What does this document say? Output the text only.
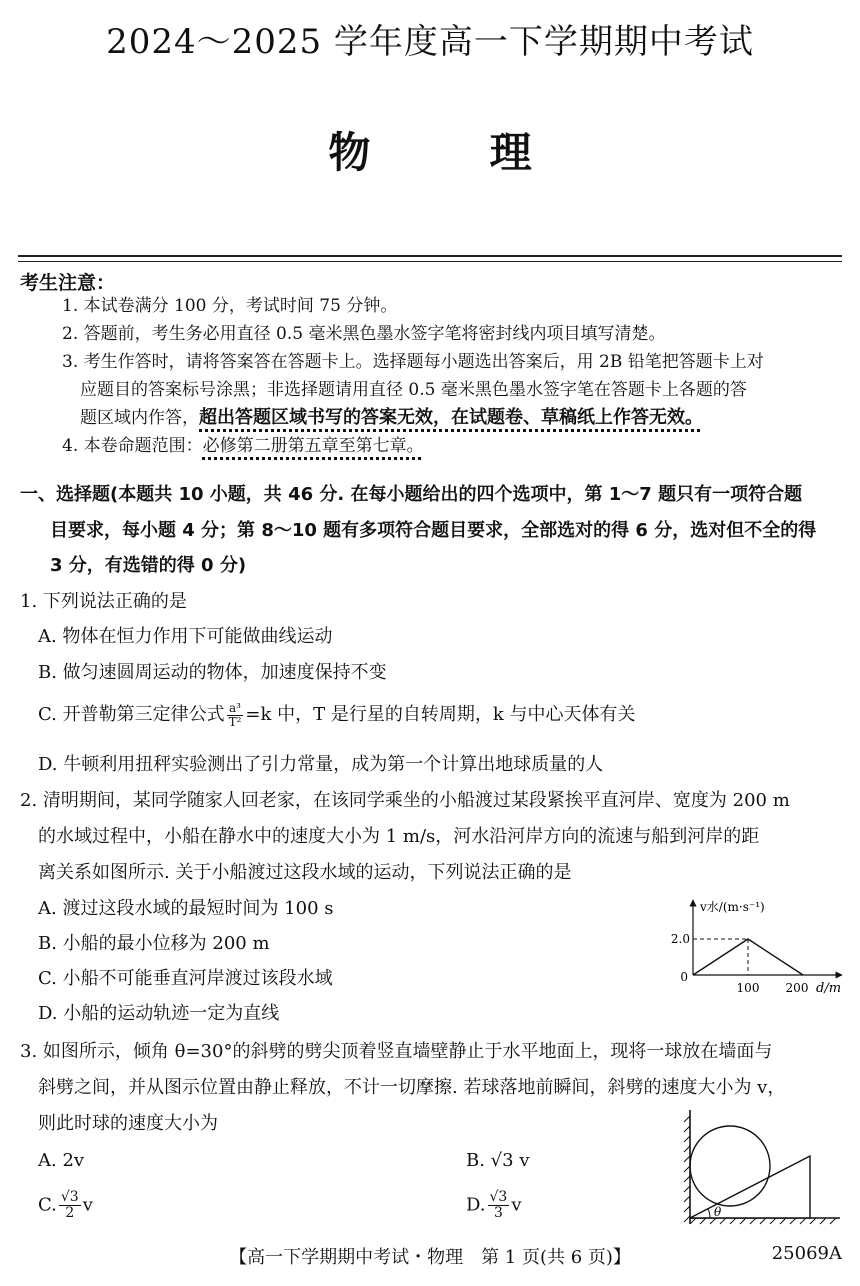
2024～2025 学年度高一下学期期中考试
物	理
考生注意：
1. 本试卷满分 100 分，考试时间 75 分钟。
2. 答题前，考生务必用直径 0.5 毫米黑色墨水签字笔将密封线内项目填写清楚。
3. 考生作答时，请将答案答在答题卡上。选择题每小题选出答案后，用 2B 铅笔把答题卡上对
应题目的答案标号涂黑；非选择题请用直径 0.5 毫米黑色墨水签字笔在答题卡上各题的答
题区域内作答，超出答题区域书写的答案无效，在试题卷、草稿纸上作答无效。
4. 本卷命题范围：必修第二册第五章至第七章。
一、选择题(本题共 10 小题，共 46 分. 在每小题给出的四个选项中，第 1～7 题只有一项符合题
目要求，每小题 4 分；第 8～10 题有多项符合题目要求，全部选对的得 6 分，选对但不全的得
3 分，有选错的得 0 分)
1. 下列说法正确的是
A. 物体在恒力作用下可能做曲线运动
B. 做匀速圆周运动的物体，加速度保持不变
C. 开普勒第三定律公式 $\frac{\text{a³}}{\text{T²}} =k$ 中，T 是行星的自转周期，k 与中心天体有关
D. 牛顿利用扭秤实验测出了引力常量，成为第一个计算出地球质量的人
2. 清明期间，某同学随家人回老家，在该同学乘坐的小船渡过某段紧挨平直河岸、宽度为 200 m
的水域过程中，小船在静水中的速度大小为 1 m/s，河水沿河岸方向的流速与船到河岸的距
离关系如图所示. 关于小船渡过这段水域的运动，下列说法正确的是
A. 渡过这段水域的最短时间为 100 s
B. 小船的最小位移为 200 m
C. 小船不可能垂直河岸渡过该段水域
D. 小船的运动轨迹一定为直线
v水/(m·s⁻¹)
2.0
0
100 200 d/m
3. 如图所示，倾角 θ=30°的斜劈的劈尖顶着竖直墙壁静止于水平地面上，现将一球放在墙面与
斜劈之间，并从图示位置由静止释放，不计一切摩擦. 若球落地前瞬间，斜劈的速度大小为 v，
则此时球的速度大小为
A. 2v	B. √3 v
C. $\frac{√3}{2}$ v	D. $\frac{√3}{3}$ v	θ
【高一下学期期中考试・物理　第 1 页(共 6 页)】	25069A
